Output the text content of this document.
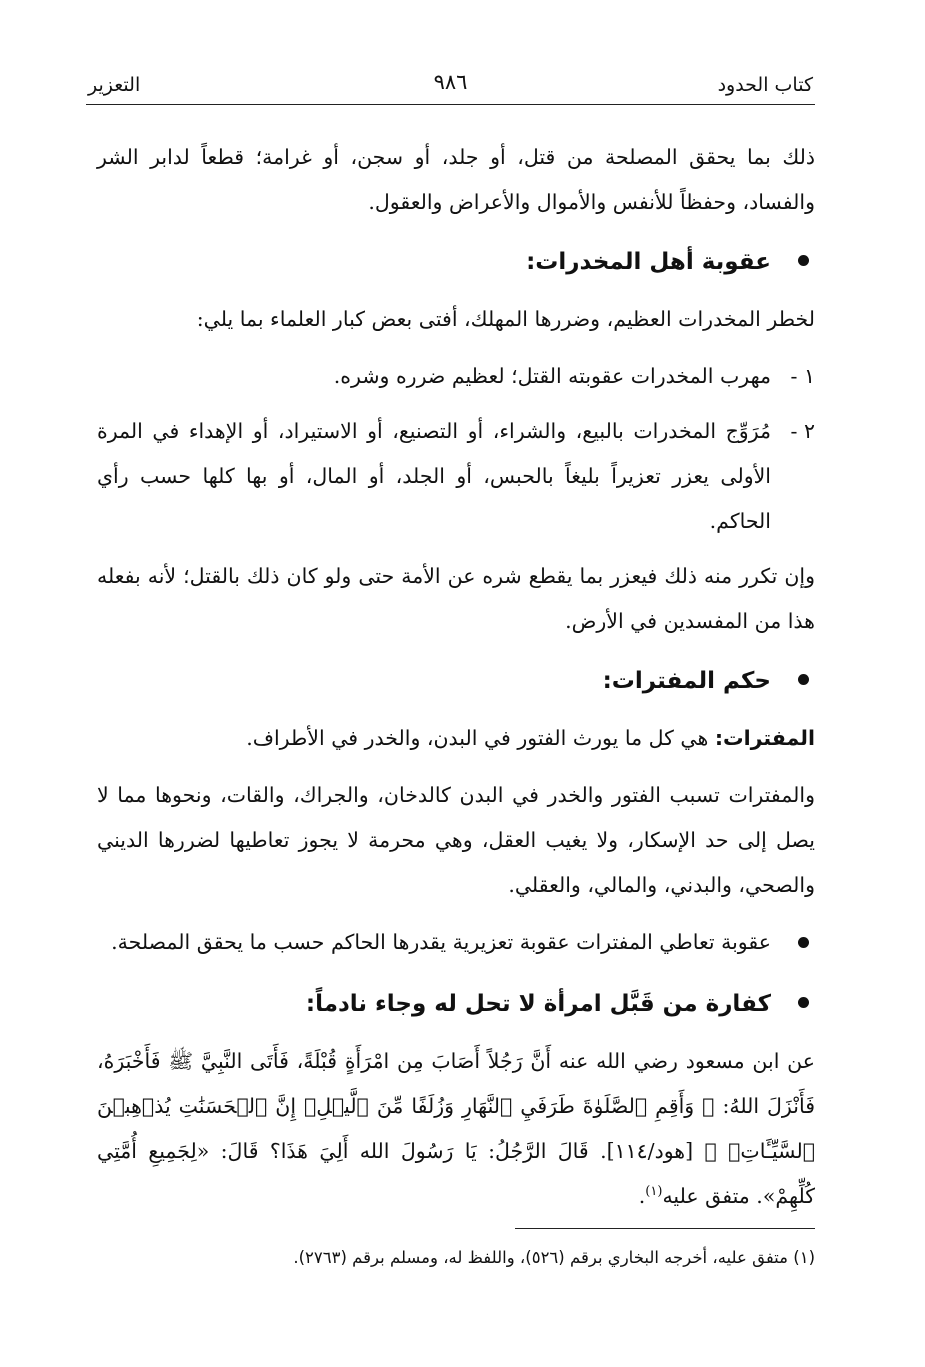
كتاب الحدود
٩٨٦
التعزير

ذلك بما يحقق المصلحة من قتل، أو جلد، أو سجن، أو غرامة؛ قطعاً لدابر الشر والفساد، وحفظاً للأنفس والأموال والأعراض والعقول.

عقوبة أهل المخدرات:

لخطر المخدرات العظيم، وضررها المهلك، أفتى بعض كبار العلماء بما يلي:

١ -
مهرب المخدرات عقوبته القتل؛ لعظيم ضرره وشره.
٢ -
مُرَوِّج المخدرات بالبيع، والشراء، أو التصنيع، أو الاستيراد، أو الإهداء في المرة الأولى يعزر تعزيراً بليغاً بالحبس، أو الجلد، أو المال، أو بها كلها حسب رأي الحاكم.

وإن تكرر منه ذلك فيعزر بما يقطع شره عن الأمة حتى ولو كان ذلك بالقتل؛ لأنه بفعله هذا من المفسدين في الأرض.

حكم المفترات:

المفترات: هي كل ما يورث الفتور في البدن، والخدر في الأطراف.

والمفترات تسبب الفتور والخدر في البدن كالدخان، والجراك، والقات، ونحوها مما لا يصل إلى حد الإسكار، ولا يغيب العقل، وهي محرمة لا يجوز تعاطيها لضررها الديني والصحي، والبدني، والمالي، والعقلي.

عقوبة تعاطي المفترات عقوبة تعزيرية يقدرها الحاكم حسب ما يحقق المصلحة.
كفارة من قَبَّل امرأة لا تحل له وجاء نادماً:

عن ابن مسعود رضي الله عنه أَنَّ رَجُلاً أَصَابَ مِن امْرَأَةٍ قُبْلَةً، فَأَتَى النَّبِيَّ ﷺ فَأَخْبَرَهُ، فَأَنْزَلَ اللهُ: ﴿ وَأَقِمِ ٱلصَّلَوٰةَ طَرَفَيِ ٱلنَّهَارِ وَزُلَفًا مِّنَ ٱلَّيۡلِۚ إِنَّ ٱلۡحَسَنَٰتِ يُذۡهِبۡنَ ٱلسَّيِّـَٔاتِۚ ﴾ [هود/١١٤]. قَالَ الرَّجُلُ: يَا رَسُولَ الله أَلِيَ هَذَا؟ قَالَ: «لِجَمِيعِ أُمَّتِي كُلِّهِمْ». متفق عليه$^{(١)}$.

(١) متفق عليه، أخرجه البخاري برقم (٥٢٦)، واللفظ له، ومسلم برقم (٢٧٦٣).
